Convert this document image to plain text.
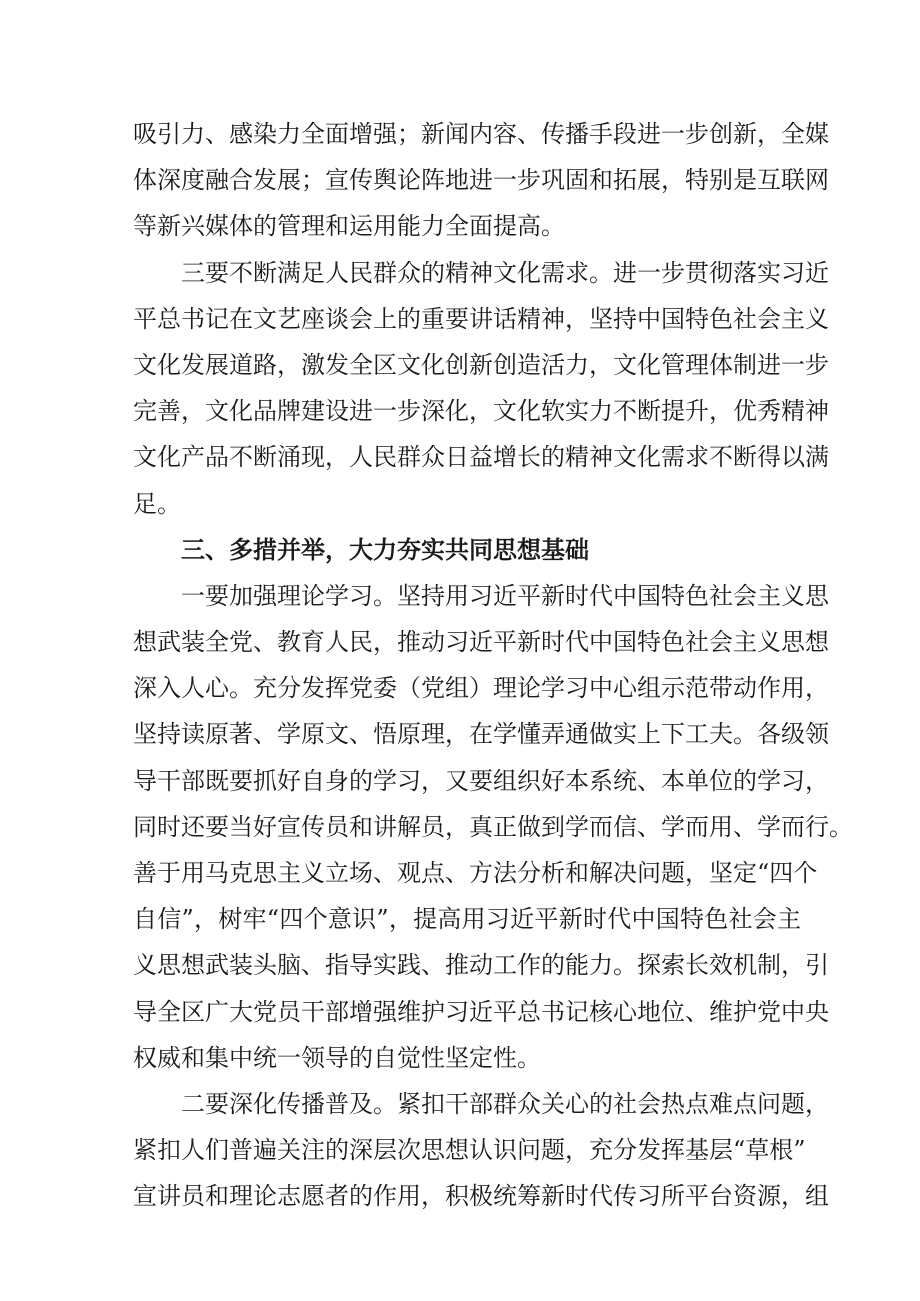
吸引力、感染力全面增强；新闻内容、传播手段进一步创新，全媒
体深度融合发展；宣传舆论阵地进一步巩固和拓展，特别是互联网
等新兴媒体的管理和运用能力全面提高。
三要不断满足人民群众的精神文化需求。进一步贯彻落实习近
平总书记在文艺座谈会上的重要讲话精神，坚持中国特色社会主义
文化发展道路，激发全区文化创新创造活力，文化管理体制进一步
完善，文化品牌建设进一步深化，文化软实力不断提升，优秀精神
文化产品不断涌现，人民群众日益增长的精神文化需求不断得以满
足。
三、多措并举，大力夯实共同思想基础
一要加强理论学习。坚持用习近平新时代中国特色社会主义思
想武装全党、教育人民，推动习近平新时代中国特色社会主义思想
深入人心。充分发挥党委（党组）理论学习中心组示范带动作用，
坚持读原著、学原文、悟原理，在学懂弄通做实上下工夫。各级领
导干部既要抓好自身的学习，又要组织好本系统、本单位的学习，
同时还要当好宣传员和讲解员，真正做到学而信、学而用、学而行。
善于用马克思主义立场、观点、方法分析和解决问题，坚定“四个
自信”，树牢“四个意识”，提高用习近平新时代中国特色社会主
义思想武装头脑、指导实践、推动工作的能力。探索长效机制，引
导全区广大党员干部增强维护习近平总书记核心地位、维护党中央
权威和集中统一领导的自觉性坚定性。
二要深化传播普及。紧扣干部群众关心的社会热点难点问题，
紧扣人们普遍关注的深层次思想认识问题，充分发挥基层“草根”
宣讲员和理论志愿者的作用，积极统筹新时代传习所平台资源，组
